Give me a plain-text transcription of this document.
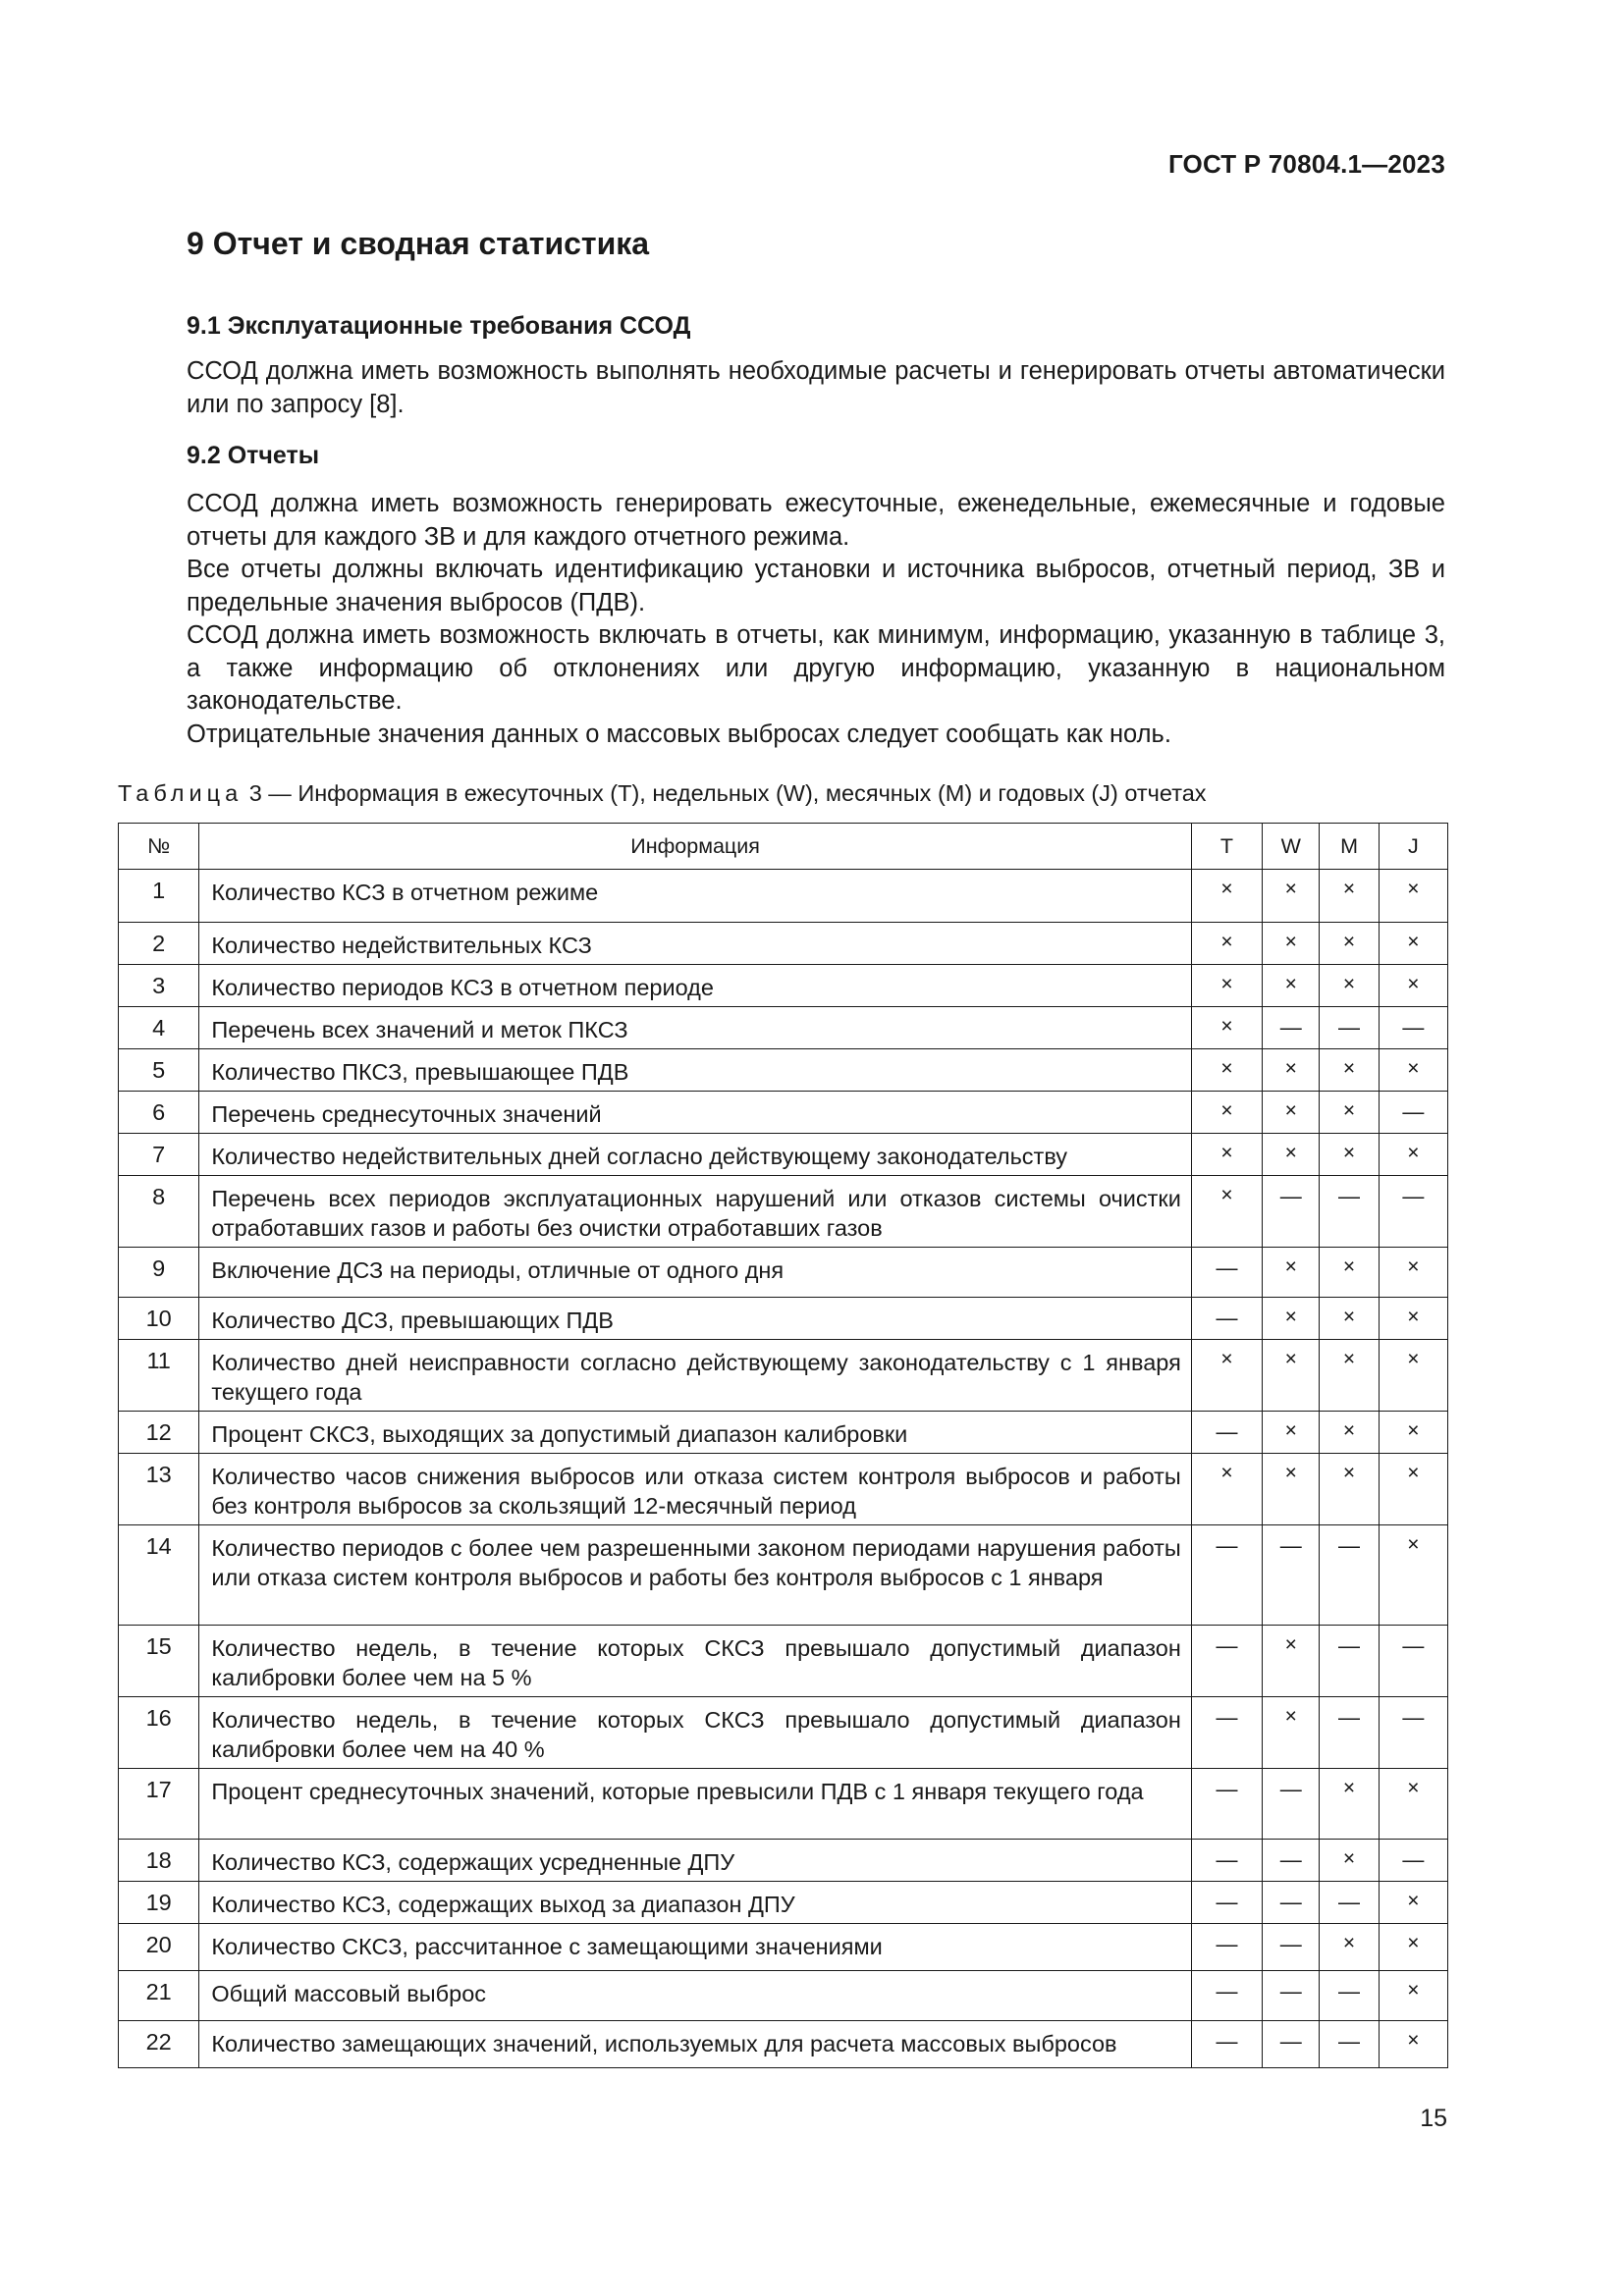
ГОСТ Р 70804.1—2023
9 Отчет и сводная статистика
9.1 Эксплуатационные требования ССОД

ССОД должна иметь возможность выполнять необходимые расчеты и генерировать отчеты автоматически или по запросу [8].

9.2 Отчеты

ССОД должна иметь возможность генерировать ежесуточные, еженедельные, ежемесячные и годовые отчеты для каждого ЗВ и для каждого отчетного режима.

Все отчеты должны включать идентификацию установки и источника выбросов, отчетный период, ЗВ и предельные значения выбросов (ПДВ).

ССОД должна иметь возможность включать в отчеты, как минимум, информацию, указанную в таблице 3, а также информацию об отклонениях или другую информацию, указанную в национальном законодательстве.

Отрицательные значения данных о массовых выбросах следует сообщать как ноль.

Таблица 3 — Информация в ежесуточных (T), недельных (W), месячных (M) и годовых (J) отчетах

№	Информация	T	W	M	J
1	Количество КСЗ в отчетном режиме	×	×	×	×
2	Количество недействительных КСЗ	×	×	×	×
3	Количество периодов КСЗ в отчетном периоде	×	×	×	×
4	Перечень всех значений и меток ПКСЗ	×	—	—	—
5	Количество ПКСЗ, превышающее ПДВ	×	×	×	×
6	Перечень среднесуточных значений	×	×	×	—
7	Количество недействительных дней согласно действующему законодательству	×	×	×	×
8	Перечень всех периодов эксплуатационных нарушений или отказов системы очистки отработавших газов и работы без очистки отработавших газов	×	—	—	—
9	Включение ДСЗ на периоды, отличные от одного дня	—	×	×	×
10	Количество ДСЗ, превышающих ПДВ	—	×	×	×
11	Количество дней неисправности согласно действующему законодательству с 1 января текущего года	×	×	×	×
12	Процент СКСЗ, выходящих за допустимый диапазон калибровки	—	×	×	×
13	Количество часов снижения выбросов или отказа систем контроля выбросов и работы без контроля выбросов за скользящий 12-месячный период	×	×	×	×
14	Количество периодов с более чем разрешенными законом периодами нарушения работы или отказа систем контроля выбросов и работы без контроля выбросов с 1 января	—	—	—	×
15	Количество недель, в течение которых СКСЗ превышало допустимый диапазон калибровки более чем на 5 %	—	×	—	—
16	Количество недель, в течение которых СКСЗ превышало допустимый диапазон калибровки более чем на 40 %	—	×	—	—
17	Процент среднесуточных значений, которые превысили ПДВ с 1 января текущего года	—	—	×	×
18	Количество КСЗ, содержащих усредненные ДПУ	—	—	×	—
19	Количество КСЗ, содержащих выход за диапазон ДПУ	—	—	—	×
20	Количество СКСЗ, рассчитанное с замещающими значениями	—	—	×	×
21	Общий массовый выброс	—	—	—	×
22	Количество замещающих значений, используемых для расчета массовых выбросов	—	—	—	×
15
